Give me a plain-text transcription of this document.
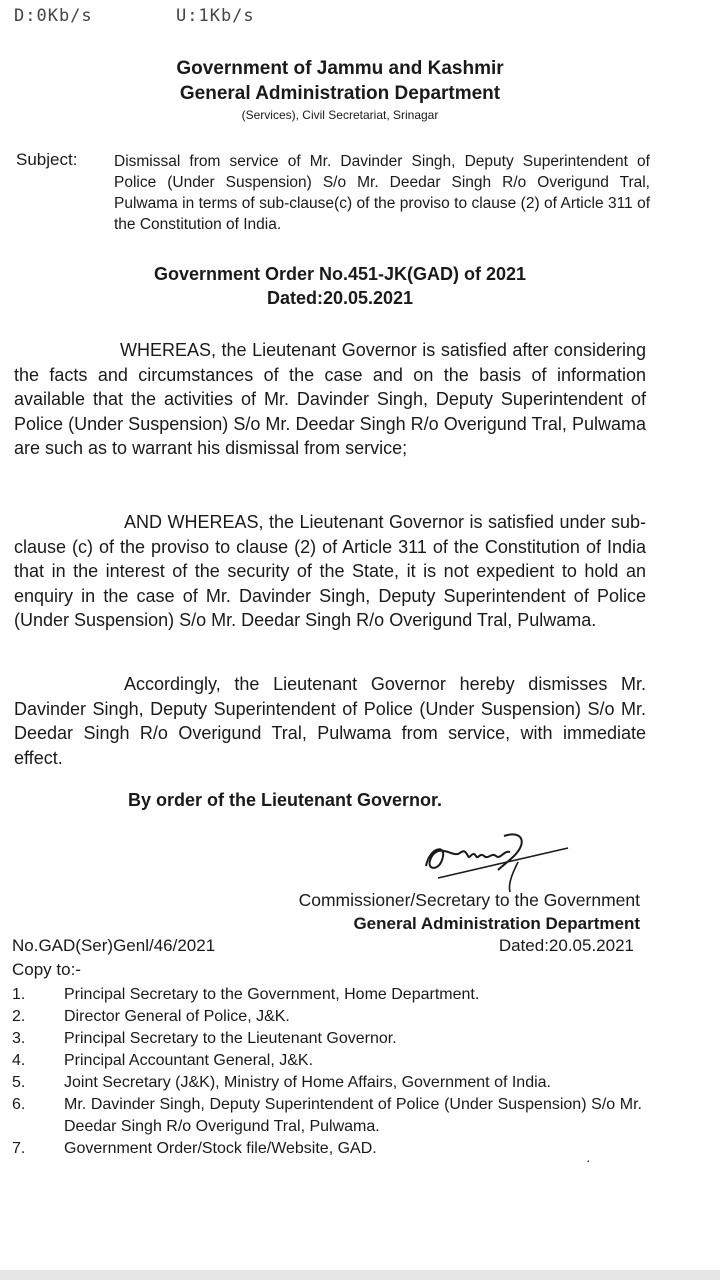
D:0Kb/s	U:1Kb/s
Government of Jammu and Kashmir
General Administration Department
(Services), Civil Secretariat, Srinagar
Subject: Dismissal from service of Mr. Davinder Singh, Deputy Superintendent of Police (Under Suspension) S/o Mr. Deedar Singh R/o Overigund Tral, Pulwama in terms of sub-clause(c) of the proviso to clause (2) of Article 311 of the Constitution of India.
Government Order No.451-JK(GAD) of 2021
Dated:20.05.2021
WHEREAS, the Lieutenant Governor is satisfied after considering the facts and circumstances of the case and on the basis of information available that the activities of Mr. Davinder Singh, Deputy Superintendent of Police (Under Suspension) S/o Mr. Deedar Singh R/o Overigund Tral, Pulwama are such as to warrant his dismissal from service;
AND WHEREAS, the Lieutenant Governor is satisfied under sub-clause (c) of the proviso to clause (2) of Article 311 of the Constitution of India that in the interest of the security of the State, it is not expedient to hold an enquiry in the case of Mr. Davinder Singh, Deputy Superintendent of Police (Under Suspension) S/o Mr. Deedar Singh R/o Overigund Tral, Pulwama.
Accordingly, the Lieutenant Governor hereby dismisses Mr. Davinder Singh, Deputy Superintendent of Police (Under Suspension) S/o Mr. Deedar Singh R/o Overigund Tral, Pulwama from service, with immediate effect.
By order of the Lieutenant Governor.
Commissioner/Secretary to the Government
General Administration Department
No.GAD(Ser)Genl/46/2021	Dated:20.05.2021
Copy to:-
1.	Principal Secretary to the Government, Home Department.
2.	Director General of Police, J&K.
3.	Principal Secretary to the Lieutenant Governor.
4.	Principal Accountant General, J&K.
5.	Joint Secretary (J&K), Ministry of Home Affairs, Government of India.
6.	Mr. Davinder Singh, Deputy Superintendent of Police (Under Suspension) S/o Mr. Deedar Singh R/o Overigund Tral, Pulwama.
7.	Government Order/Stock file/Website, GAD.
·
